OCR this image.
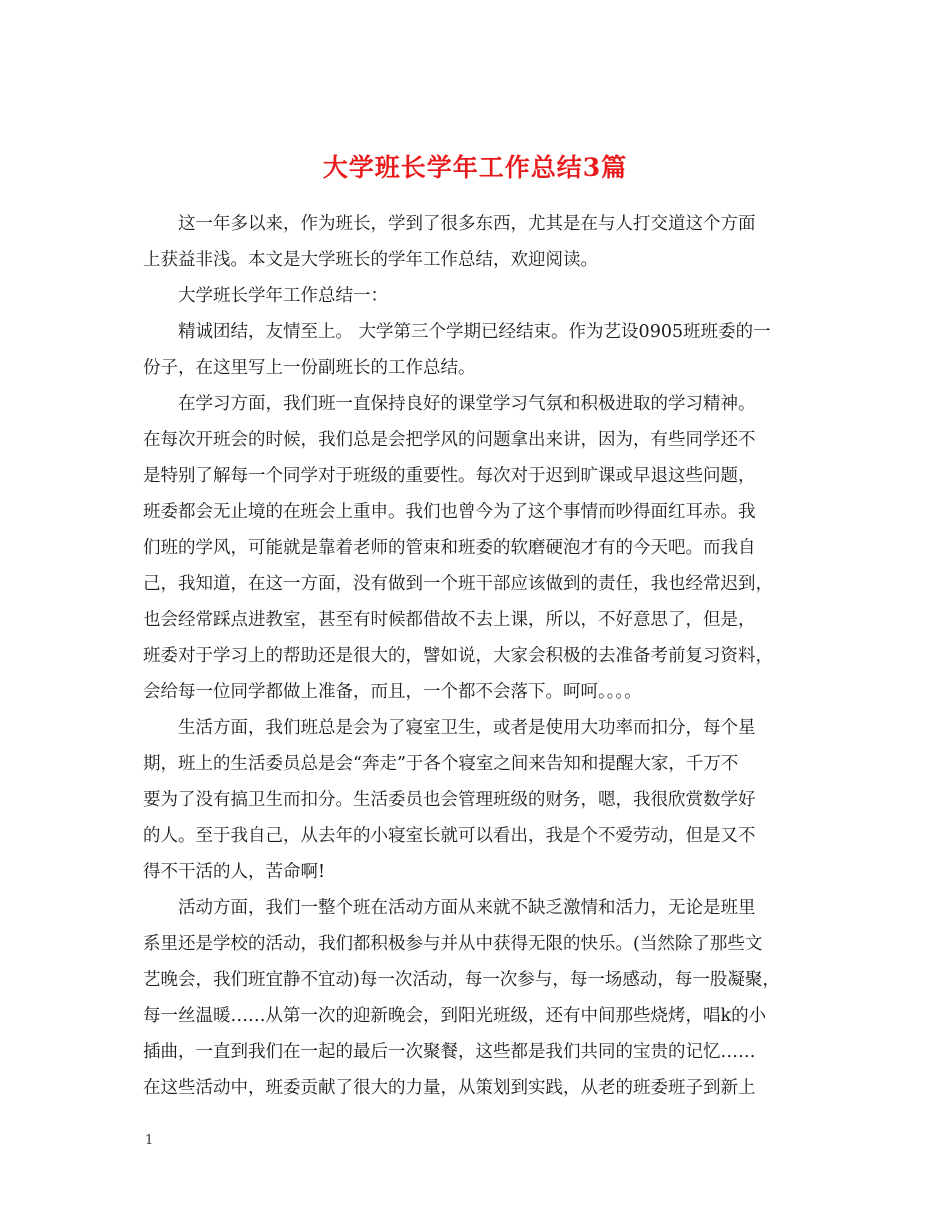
大学班长学年工作总结3篇
这一年多以来，作为班长，学到了很多东西，尤其是在与人打交道这个方面
上获益非浅。本文是大学班长的学年工作总结，欢迎阅读。
大学班长学年工作总结一：
精诚团结，友情至上。 大学第三个学期已经结束。作为艺设0905班班委的一
份子，在这里写上一份副班长的工作总结。
在学习方面，我们班一直保持良好的课堂学习气氛和积极进取的学习精神。
在每次开班会的时候，我们总是会把学风的问题拿出来讲，因为，有些同学还不
是特别了解每一个同学对于班级的重要性。每次对于迟到旷课或早退这些问题，
班委都会无止境的在班会上重申。我们也曾今为了这个事情而吵得面红耳赤。我
们班的学风，可能就是靠着老师的管束和班委的软磨硬泡才有的今天吧。而我自
己，我知道，在这一方面，没有做到一个班干部应该做到的责任，我也经常迟到，
也会经常踩点进教室，甚至有时候都借故不去上课，所以，不好意思了，但是，
班委对于学习上的帮助还是很大的，譬如说，大家会积极的去准备考前复习资料，
会给每一位同学都做上准备，而且，一个都不会落下。呵呵。。。。
生活方面，我们班总是会为了寝室卫生，或者是使用大功率而扣分，每个星
期，班上的生活委员总是会“奔走”于各个寝室之间来告知和提醒大家，千万不
要为了没有搞卫生而扣分。生活委员也会管理班级的财务，嗯，我很欣赏数学好
的人。至于我自己，从去年的小寝室长就可以看出，我是个不爱劳动，但是又不
得不干活的人，苦命啊!
活动方面，我们一整个班在活动方面从来就不缺乏激情和活力，无论是班里
系里还是学校的活动，我们都积极参与并从中获得无限的快乐。(当然除了那些文
艺晚会，我们班宜静不宜动)每一次活动，每一次参与，每一场感动，每一股凝聚，
每一丝温暖……从第一次的迎新晚会，到阳光班级，还有中间那些烧烤，唱k的小
插曲，一直到我们在一起的最后一次聚餐，这些都是我们共同的宝贵的记忆……
在这些活动中，班委贡献了很大的力量，从策划到实践，从老的班委班子到新上
1
